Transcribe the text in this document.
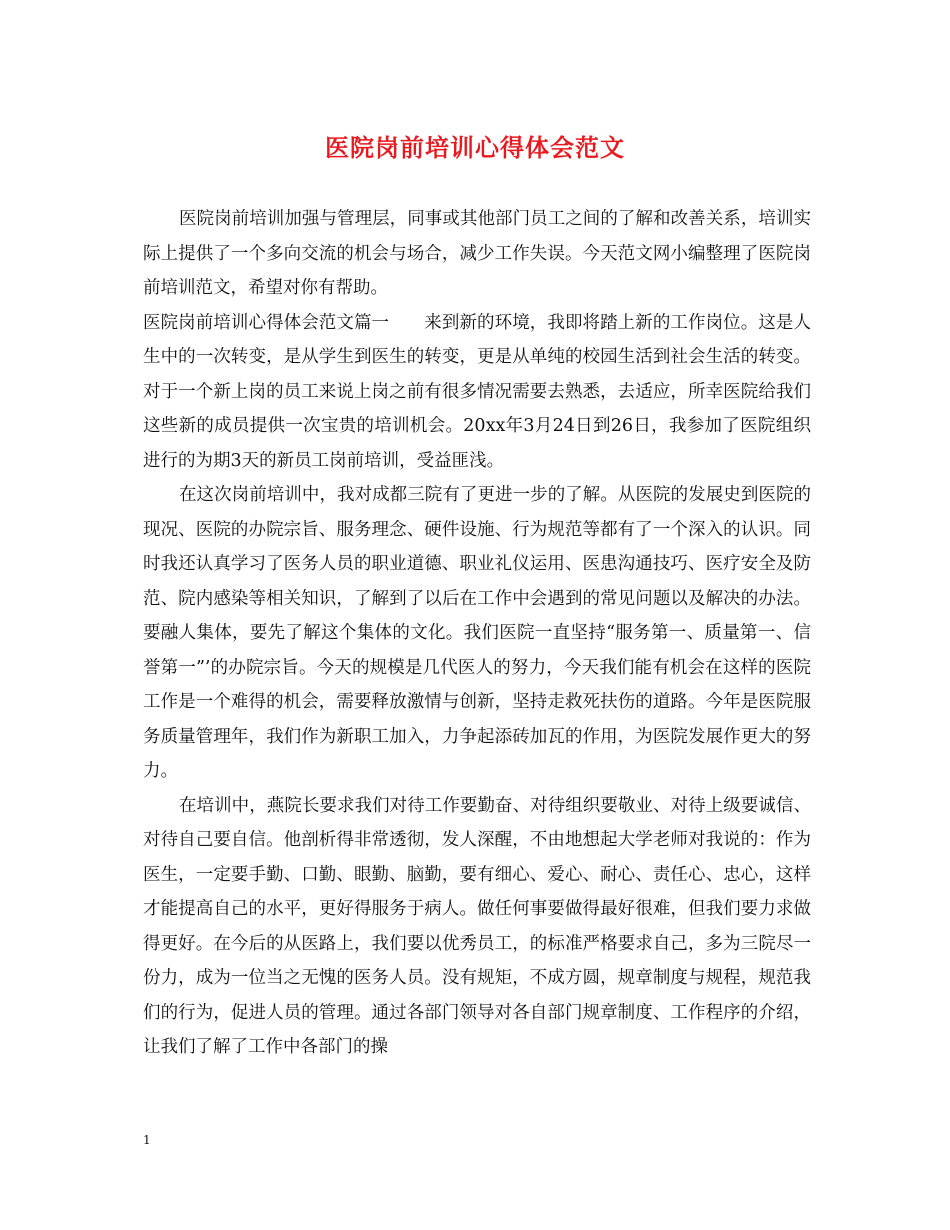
医院岗前培训心得体会范文

医院岗前培训加强与管理层，同事或其他部门员工之间的了解和改善关系，培训实际上提供了一个多向交流的机会与场合，减少工作失误。今天范文网小编整理了医院岗前培训范文，希望对你有帮助。

医院岗前培训心得体会范文篇一　　来到新的环境，我即将踏上新的工作岗位。这是人生中的一次转变，是从学生到医生的转变，更是从单纯的校园生活到社会生活的转变。对于一个新上岗的员工来说上岗之前有很多情况需要去熟悉，去适应，所幸医院给我们这些新的成员提供一次宝贵的培训机会。20xx年3月24日到26日，我参加了医院组织进行的为期3天的新员工岗前培训，受益匪浅。

在这次岗前培训中，我对成都三院有了更进一步的了解。从医院的发展史到医院的现况、医院的办院宗旨、服务理念、硬件设施、行为规范等都有了一个深入的认识。同时我还认真学习了医务人员的职业道德、职业礼仪运用、医患沟通技巧、医疗安全及防范、院内感染等相关知识，了解到了以后在工作中会遇到的常见问题以及解决的办法。要融人集体，要先了解这个集体的文化。我们医院一直坚持“服务第一、质量第一、信誉第一”’的办院宗旨。今天的规模是几代医人的努力，今天我们能有机会在这样的医院工作是一个难得的机会，需要释放激情与创新，坚持走救死扶伤的道路。今年是医院服务质量管理年，我们作为新职工加入，力争起添砖加瓦的作用，为医院发展作更大的努力。

在培训中，燕院长要求我们对待工作要勤奋、对待组织要敬业、对待上级要诚信、对待自己要自信。他剖析得非常透彻，发人深醒，不由地想起大学老师对我说的：作为医生，一定要手勤、口勤、眼勤、脑勤，要有细心、爱心、耐心、责任心、忠心，这样才能提高自己的水平，更好得服务于病人。做任何事要做得最好很难，但我们要力求做得更好。在今后的从医路上，我们要以优秀员工，的标准严格要求自己，多为三院尽一份力，成为一位当之无愧的医务人员。没有规矩，不成方圆，规章制度与规程，规范我们的行为，促进人员的管理。通过各部门领导对各自部门规章制度、工作程序的介绍，让我们了解了工作中各部门的操

1
